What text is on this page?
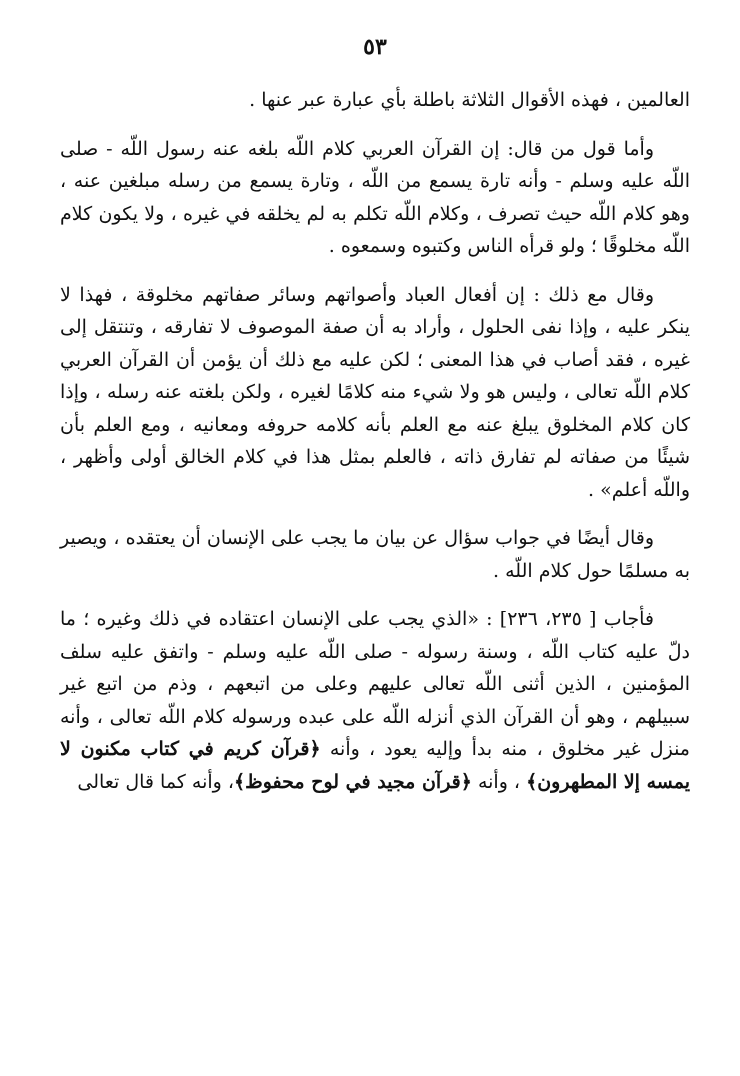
٥٣

العالمين ، فهذه الأقوال الثلاثة باطلة بأي عبارة عبر عنها .

وأما قول من قال: إن القرآن العربي كلام اللّه بلغه عنه رسول اللّه - صلى اللّه عليه وسلم - وأنه تارة يسمع من اللّه ، وتارة يسمع من رسله مبلغين عنه ، وهو كلام اللّه حيث تصرف ، وكلام اللّه تكلم به لم يخلقه في غيره ، ولا يكون كلام اللّه مخلوقًا ؛ ولو قرأه الناس وكتبوه وسمعوه .

وقال مع ذلك : إن أفعال العباد وأصواتهم وسائر صفاتهم مخلوقة ، فهذا لا ينكر عليه ، وإذا نفى الحلول ، وأراد به أن صفة الموصوف لا تفارقه ، وتنتقل إلى غيره ، فقد أصاب في هذا المعنى ؛ لكن عليه مع ذلك أن يؤمن أن القرآن العربي كلام اللّه تعالى ، وليس هو ولا شيء منه كلامًا لغيره ، ولكن بلغته عنه رسله ، وإذا كان كلام المخلوق يبلغ عنه مع العلم بأنه كلامه حروفه ومعانيه ، ومع العلم بأن شيئًا من صفاته لم تفارق ذاته ، فالعلم بمثل هذا في كلام الخالق أولى وأظهر ، واللّه أعلم» .

وقال أيضًا في جواب سؤال عن بيان ما يجب على الإنسان أن يعتقده ، ويصير به مسلمًا حول كلام اللّه .

فأجاب [ ٢٣٥، ٢٣٦] : «الذي يجب على الإنسان اعتقاده في ذلك وغيره ؛ ما دلّ عليه كتاب اللّه ، وسنة رسوله - صلى اللّه عليه وسلم - واتفق عليه سلف المؤمنين ، الذين أثنى اللّه تعالى عليهم وعلى من اتبعهم ، وذم من اتبع غير سبيلهم ، وهو أن القرآن الذي أنزله اللّه على عبده ورسوله كلام اللّه تعالى ، وأنه منزل غير مخلوق ، منه بدأ وإليه يعود ، وأنه ﴿قرآن كريم في كتاب مكنون لا يمسه إلا المطهرون﴾ ، وأنه ﴿قرآن مجيد في لوح محفوظ﴾، وأنه كما قال تعالى
